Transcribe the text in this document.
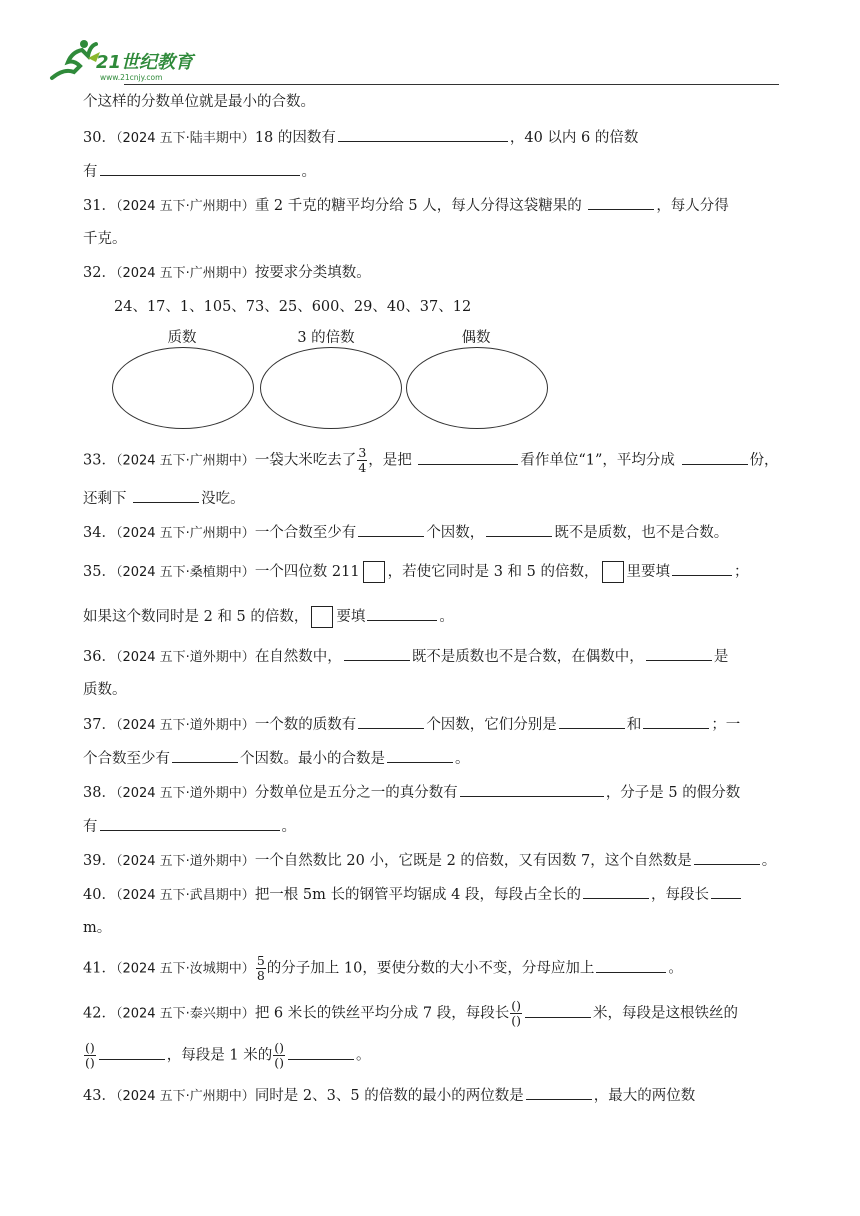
21世纪教育
www.21cnjy.com
个这样的分数单位就是最小的合数。
30．（2024 五下·陆丰期中）18 的因数有	，40 以内 6 的倍数
有	。
31．（2024 五下·广州期中）重 2 千克的糖平均分给 5 人，每人分得这袋糖果的	，每人分得
千克。
32．（2024 五下·广州期中）按要求分类填数。
24、17、1、105、73、25、600、29、40、37、12
质数	3 的倍数	偶数
33．（2024 五下·广州期中）一袋大米吃去了 $\frac{3}{4}$ ，是把	看作单位“1”，平均分成	份，
还剩下	没吃。
34．（2024 五下·广州期中）一个合数至少有	个因数，	既不是质数，也不是合数。
35．（2024 五下·桑植期中）一个四位数 211 ，若使它同时是 3 和 5 的倍数， 里要填	；
如果这个数同时是 2 和 5 的倍数， 要填	。
36．（2024 五下·道外期中）在自然数中，	既不是质数也不是合数，在偶数中，	是
质数。
37．（2024 五下·道外期中）一个数的质数有	个因数，它们分别是	和	；一
个合数至少有	个因数。最小的合数是	。
38．（2024 五下·道外期中）分数单位是五分之一的真分数有	，分子是 5 的假分数
有	。
39．（2024 五下·道外期中）一个自然数比 20 小，它既是 2 的倍数，又有因数 7，这个自然数是	。
40．（2024 五下·武昌期中）把一根 5m 长的钢管平均锯成 4 段，每段占全长的	，每段长
m。
41．（2024 五下·汝城期中） $\frac{5}{8}$ 的分子加上 10，要使分数的大小不变，分母应加上	。
42．（2024 五下·泰兴期中）把 6 米长的铁丝平均分成 7 段，每段长 $\frac{()}{()}$	米，每段是这根铁丝的
$\frac{()}{()}$	，每段是 1 米的 $\frac{()}{()}$	。
43．（2024 五下·广州期中）同时是 2、3、5 的倍数的最小的两位数是	，最大的两位数
